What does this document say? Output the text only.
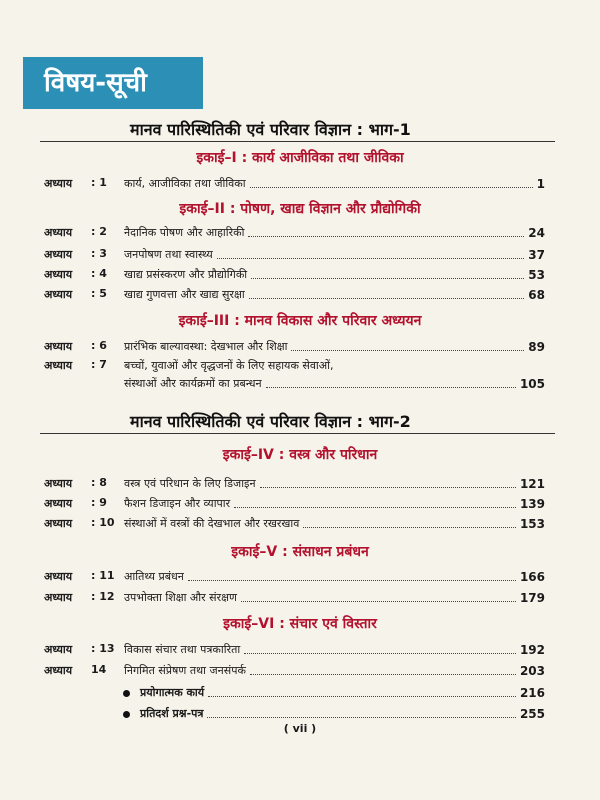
विषय-सूची
मानव पारिस्थितिकी एवं परिवार विज्ञान : भाग-1
इकाई–I : कार्य आजीविका तथा जीविका
अध्याय	: 1 कार्य, आजीविका तथा जीविका	1
इकाई–II : पोषण, खाद्य विज्ञान और प्रौद्योगिकी
अध्याय	: 2 नैदानिक पोषण और आहारिकी	24
अध्याय	: 3 जनपोषण तथा स्वास्थ्य	37
अध्याय	: 4 खाद्य प्रसंस्करण और प्रौद्योगिकी	53
अध्याय	: 5 खाद्य गुणवत्ता और खाद्य सुरक्षा	68
इकाई–III : मानव विकास और परिवार अध्ययन
अध्याय	: 6 प्रारंभिक बाल्यावस्था: देखभाल और शिक्षा	89
अध्याय	: 7 बच्चों, युवाओं और वृद्धजनों के लिए सहायक सेवाओं,
संस्थाओं और कार्यक्रमों का प्रबन्धन	105
मानव पारिस्थितिकी एवं परिवार विज्ञान : भाग-2
इकाई–IV : वस्त्र और परिधान
अध्याय	: 8 वस्त्र एवं परिधान के लिए डिजाइन	121
अध्याय	: 9 फैशन डिजाइन और व्यापार	139
अध्याय	: 10 संस्थाओं में वस्त्रों की देखभाल और रखरखाव	153
इकाई–V : संसाधन प्रबंधन
अध्याय	: 11 आतिथ्य प्रबंधन	166
अध्याय	: 12 उपभोक्ता शिक्षा और संरक्षण	179
इकाई–VI : संचार एवं विस्तार
अध्याय	: 13 विकास संचार तथा पत्रकारिता	192
अध्याय	14 निगमित संप्रेषण तथा जनसंपर्क	203
प्रयोगात्मक कार्य	216
प्रतिदर्श प्रश्न-पत्र	255
( vii )
